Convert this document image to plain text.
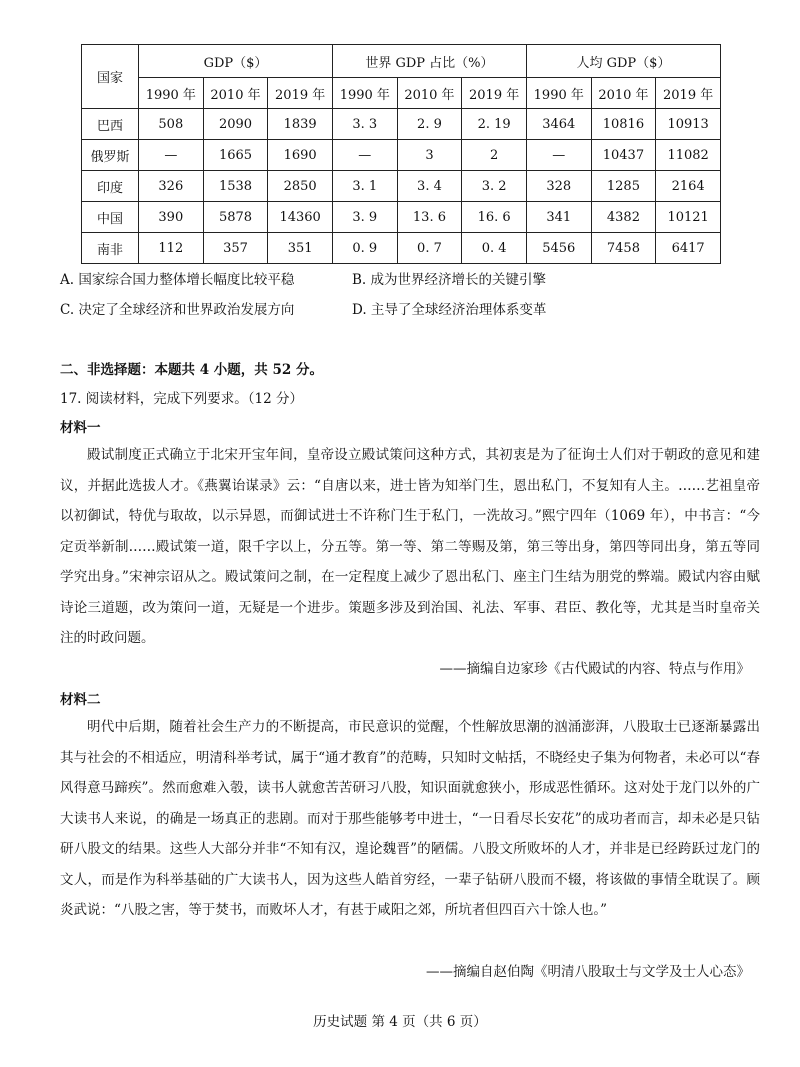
国家	GDP（$）			世界 GDP 占比（%）			人均 GDP（$）		
	1990 年	2010 年	2019 年	1990 年	2010 年	2019 年	1990 年	2010 年	2019 年
巴西	508	2090	1839	3. 3	2. 9	2. 19	3464	10816	10913
俄罗斯	—	1665	1690	—	3	2	—	10437	11082
印度	326	1538	2850	3. 1	3. 4	3. 2	328	1285	2164
中国	390	5878	14360	3. 9	13. 6	16. 6	341	4382	10121
南非	112	357	351	0. 9	0. 7	0. 4	5456	7458	6417
A. 国家综合国力整体增长幅度比较平稳	B. 成为世界经济增长的关键引擎
C. 决定了全球经济和世界政治发展方向	D. 主导了全球经济治理体系变革
二、非选择题：本题共 4 小题，共 52 分。
17. 阅读材料，完成下列要求。（12 分）
材料一

殿试制度正式确立于北宋开宝年间，皇帝设立殿试策问这种方式，其初衷是为了征询士人们对于朝政的意见和建议，并据此选拔人才。《燕翼诒谋录》云：“自唐以来，进士皆为知举门生，恩出私门，不复知有人主。……艺祖皇帝以初御试，特优与取故，以示异恩，而御试进士不许称门生于私门，一洗故习。”熙宁四年（1069 年），中书言：“今定贡举新制……殿试策一道，限千字以上，分五等。第一等、第二等赐及第，第三等出身，第四等同出身，第五等同学究出身。”宋神宗诏从之。殿试策问之制，在一定程度上减少了恩出私门、座主门生结为朋党的弊端。殿试内容由赋诗论三道题，改为策问一道，无疑是一个进步。策题多涉及到治国、礼法、军事、君臣、教化等，尤其是当时皇帝关注的时政问题。

——摘编自边家珍《古代殿试的内容、特点与作用》
材料二

明代中后期，随着社会生产力的不断提高，市民意识的觉醒，个性解放思潮的汹涌澎湃，八股取士已逐渐暴露出其与社会的不相适应，明清科举考试，属于“通才教育”的范畴，只知时文帖括，不晓经史子集为何物者，未必可以“春风得意马蹄疾”。然而愈难入彀，读书人就愈苦苦研习八股，知识面就愈狭小，形成恶性循环。这对处于龙门以外的广大读书人来说，的确是一场真正的悲剧。而对于那些能够考中进士，“一日看尽长安花”的成功者而言，却未必是只钻研八股文的结果。这些人大部分并非“不知有汉，遑论魏晋”的陋儒。八股文所败坏的人才，并非是已经跨跃过龙门的文人，而是作为科举基础的广大读书人，因为这些人皓首穷经，一辈子钻研八股而不辍，将该做的事情全耽误了。顾炎武说：“八股之害，等于焚书，而败坏人才，有甚于咸阳之郊，所坑者但四百六十馀人也。”

——摘编自赵伯陶《明清八股取士与文学及士人心态》
历史试题 第 4 页（共 6 页）
